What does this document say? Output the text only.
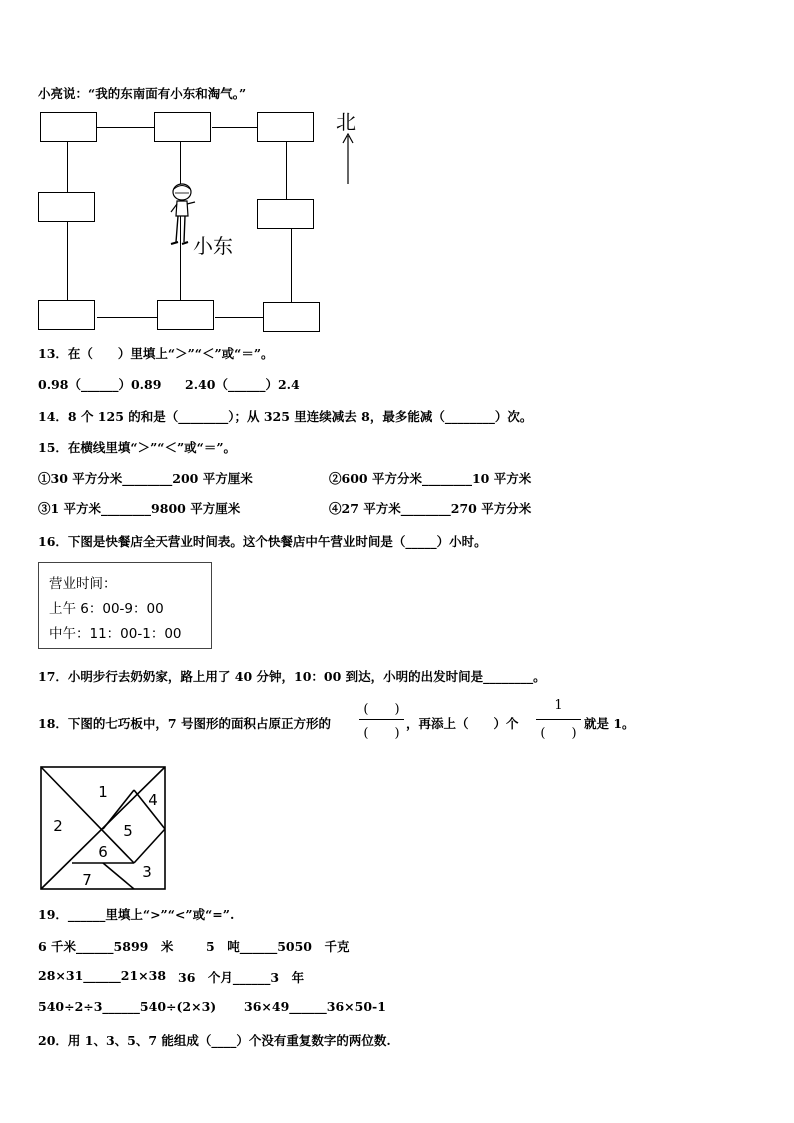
小亮说：“我的东南面有小东和淘气。”
小东
北
13．在（　　）里填上“＞”“＜”或“＝”。
0.98（______）0.89 2.40（______）2.4
14．8 个 125 的和是（________）；从 325 里连续减去 8，最多能减（________）次。
15．在横线里填“＞”“＜”或“＝”。
①30 平方分米________200 平方厘米	②600 平方分米________10 平方米
③1 平方米________9800 平方厘米	④27 平方米________270 平方分米
16．下图是快餐店全天营业时间表。这个快餐店中午营业时间是（_____）小时。
营业时间：
上午 6：00-9：00
中午：11：00-1：00
17．小明步行去奶奶家，路上用了 40 分钟，10：00 到达，小明的出发时间是________。
18．下图的七巧板中，7 号图形的面积占原正方形的
(　　)
(　　)
，再添上（　　）个
1
(　　)
就是 1。
1
2
3
4
5
6
7
19．______里填上“>”“<”或“=”.
6 千米______5899　米	5　吨______5050　千克
28×31______21×38 36　个月______3　年
540÷2÷3______540÷(2×3) 36×49______36×50-1
20．用 1、3、5、7 能组成（____）个没有重复数字的两位数.
